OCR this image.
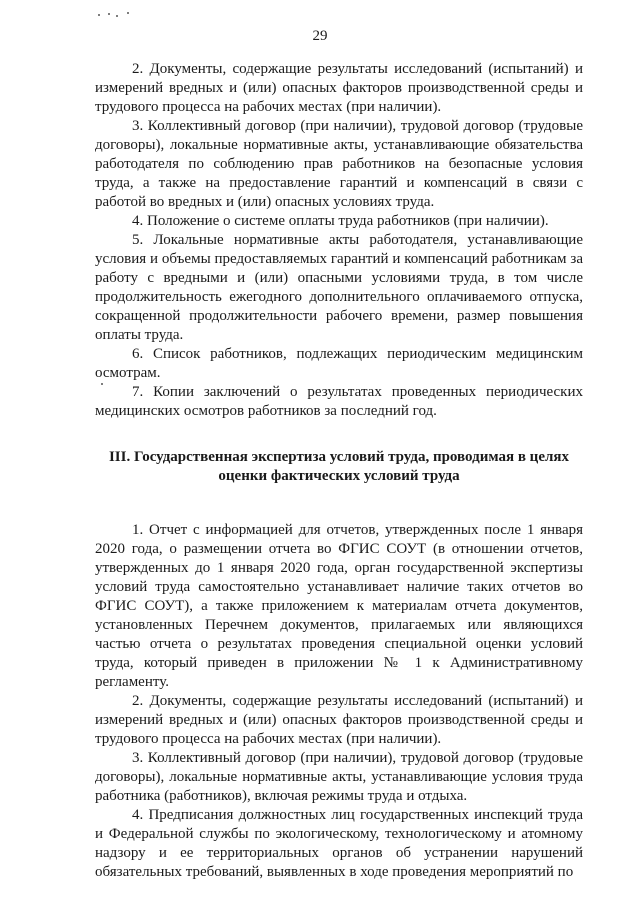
29

2. Документы, содержащие результаты исследований (испытаний) и измерений вредных и (или) опасных факторов производственной среды и трудового процесса на рабочих местах (при наличии).

3. Коллективный договор (при наличии), трудовой договор (трудовые договоры), локальные нормативные акты, устанавливающие обязательства работодателя по соблюдению прав работников на безопасные условия труда, а также на предоставление гарантий и компенсаций в связи с работой во вредных и (или) опасных условиях труда.

4. Положение о системе оплаты труда работников (при наличии).

5. Локальные нормативные акты работодателя, устанавливающие условия и объемы предоставляемых гарантий и компенсаций работникам за работу с вредными и (или) опасными условиями труда, в том числе продолжительность ежегодного дополнительного оплачиваемого отпуска, сокращенной продолжительности рабочего времени, размер повышения оплаты труда.

6. Список работников, подлежащих периодическим медицинским осмотрам.

7. Копии заключений о результатах проведенных периодических медицинских осмотров работников за последний год.

III. Государственная экспертиза условий труда, проводимая в целях оценки фактических условий труда

1. Отчет с информацией для отчетов, утвержденных после 1 января 2020 года, о размещении отчета во ФГИС СОУТ (в отношении отчетов, утвержденных до 1 января 2020 года, орган государственной экспертизы условий труда самостоятельно устанавливает наличие таких отчетов во ФГИС СОУТ), а также приложением к материалам отчета документов, установленных Перечнем документов, прилагаемых или являющихся частью отчета о результатах проведения специальной оценки условий труда, который приведен в приложении № 1 к Административному регламенту.

2. Документы, содержащие результаты исследований (испытаний) и измерений вредных и (или) опасных факторов производственной среды и трудового процесса на рабочих местах (при наличии).

3. Коллективный договор (при наличии), трудовой договор (трудовые договоры), локальные нормативные акты, устанавливающие условия труда работника (работников), включая режимы труда и отдыха.

4. Предписания должностных лиц государственных инспекций труда и Федеральной службы по экологическому, технологическому и атомному надзору и ее территориальных органов об устранении нарушений обязательных требований, выявленных в ходе проведения мероприятий по
